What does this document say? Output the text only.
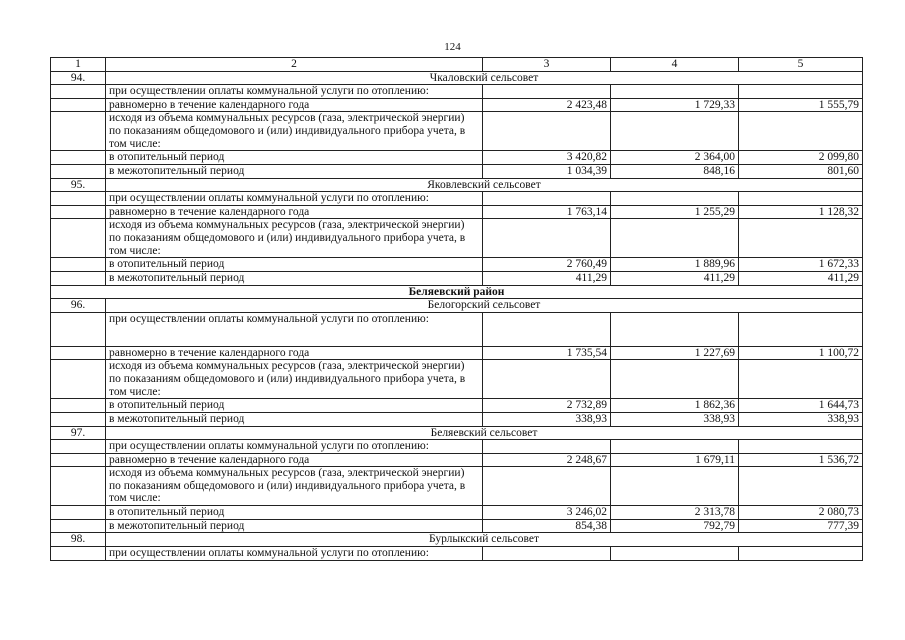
124
1	2	3	4	5
94.	Чкаловский сельсовет			
	при осуществлении оплаты коммунальной услуги по отоплению:			
	равномерно в течение календарного года	2 423,48	1 729,33	1 555,79
	исходя из объема коммунальных ресурсов (газа, электрической энергии) по показаниям общедомового и (или) индивидуального прибора учета, в том числе:			
	в отопительный период	3 420,82	2 364,00	2 099,80
	в межотопительный период	1 034,39	848,16	801,60
95.	Яковлевский сельсовет			
	при осуществлении оплаты коммунальной услуги по отоплению:			
	равномерно в течение календарного года	1 763,14	1 255,29	1 128,32
	исходя из объема коммунальных ресурсов (газа, электрической энергии) по показаниям общедомового и (или) индивидуального прибора учета, в том числе:			
	в отопительный период	2 760,49	1 889,96	1 672,33
	в межотопительный период	411,29	411,29	411,29
Беляевский район				
96.	Белогорский сельсовет			
	при осуществлении оплаты коммунальной услуги по отоплению:			
	равномерно в течение календарного года	1 735,54	1 227,69	1 100,72
	исходя из объема коммунальных ресурсов (газа, электрической энергии) по показаниям общедомового и (или) индивидуального прибора учета, в том числе:			
	в отопительный период	2 732,89	1 862,36	1 644,73
	в межотопительный период	338,93	338,93	338,93
97.	Беляевский сельсовет			
	при осуществлении оплаты коммунальной услуги по отоплению:			
	равномерно в течение календарного года	2 248,67	1 679,11	1 536,72
	исходя из объема коммунальных ресурсов (газа, электрической энергии) по показаниям общедомового и (или) индивидуального прибора учета, в том числе:			
	в отопительный период	3 246,02	2 313,78	2 080,73
	в межотопительный период	854,38	792,79	777,39
98.	Бурлыкский сельсовет			
	при осуществлении оплаты коммунальной услуги по отоплению:			
